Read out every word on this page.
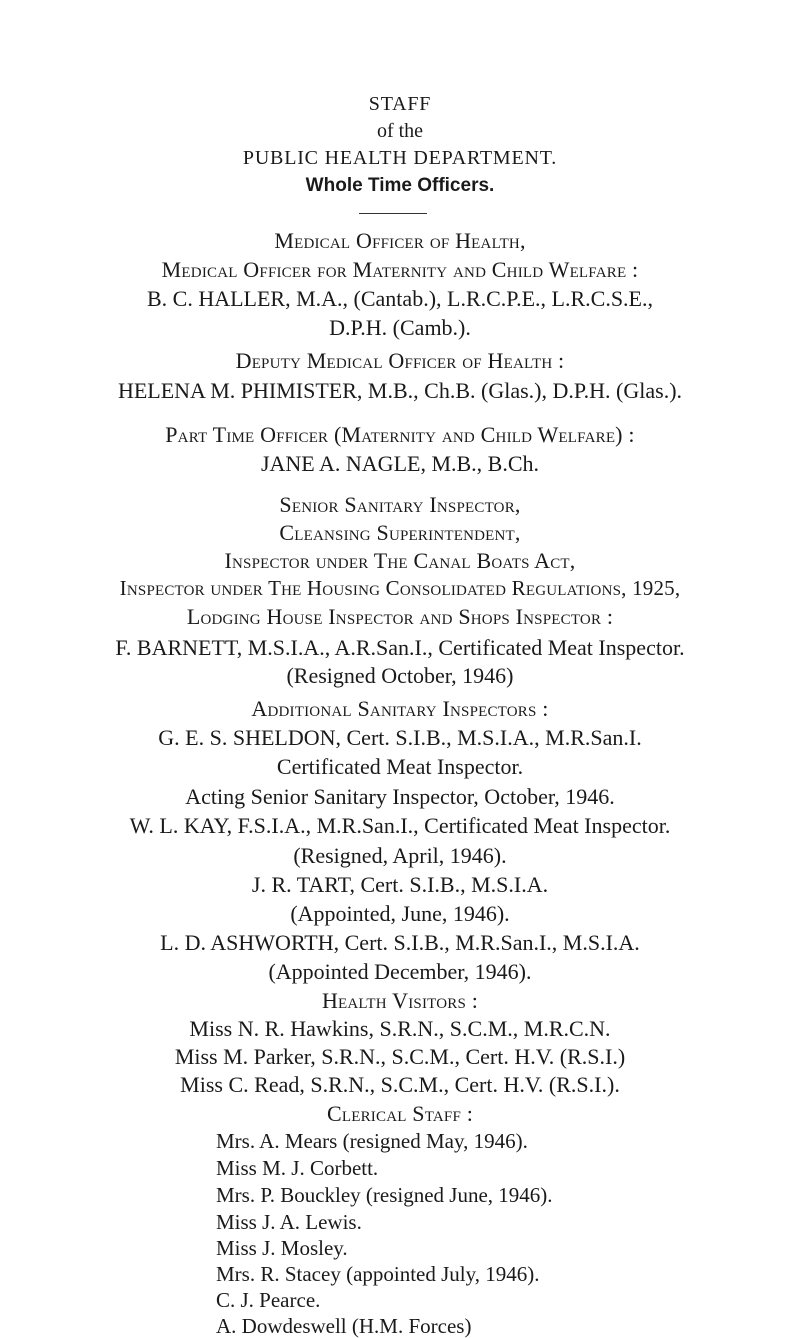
STAFF
of the
PUBLIC HEALTH DEPARTMENT.
Whole Time Officers.
Medical Officer of Health,
Medical Officer for Maternity and Child Welfare :
B. C. HALLER, M.A., (Cantab.), L.R.C.P.E., L.R.C.S.E.,
D.P.H. (Camb.).
Deputy Medical Officer of Health :
HELENA M. PHIMISTER, M.B., Ch.B. (Glas.), D.P.H. (Glas.).
Part Time Officer (Maternity and Child Welfare) :
JANE A. NAGLE, M.B., B.Ch.
Senior Sanitary Inspector,
Cleansing Superintendent,
Inspector under The Canal Boats Act,
Inspector under The Housing Consolidated Regulations, 1925,
Lodging House Inspector and Shops Inspector :
F. BARNETT, M.S.I.A., A.R.San.I., Certificated Meat Inspector.
(Resigned October, 1946)
Additional Sanitary Inspectors :
G. E. S. SHELDON, Cert. S.I.B., M.S.I.A., M.R.San.I.
Certificated Meat Inspector.
Acting Senior Sanitary Inspector, October, 1946.
W. L. KAY, F.S.I.A., M.R.San.I., Certificated Meat Inspector.
(Resigned, April, 1946).
J. R. TART, Cert. S.I.B., M.S.I.A.
(Appointed, June, 1946).
L. D. ASHWORTH, Cert. S.I.B., M.R.San.I., M.S.I.A.
(Appointed December, 1946).
Health Visitors :
Miss N. R. Hawkins, S.R.N., S.C.M., M.R.C.N.
Miss M. Parker, S.R.N., S.C.M., Cert. H.V. (R.S.I.)
Miss C. Read, S.R.N., S.C.M., Cert. H.V. (R.S.I.).
Clerical Staff :
Mrs. A. Mears (resigned May, 1946).
Miss M. J. Corbett.
Mrs. P. Bouckley (resigned June, 1946).
Miss J. A. Lewis.
Miss J. Mosley.
Mrs. R. Stacey (appointed July, 1946).
C. J. Pearce.
A. Dowdeswell (H.M. Forces)
